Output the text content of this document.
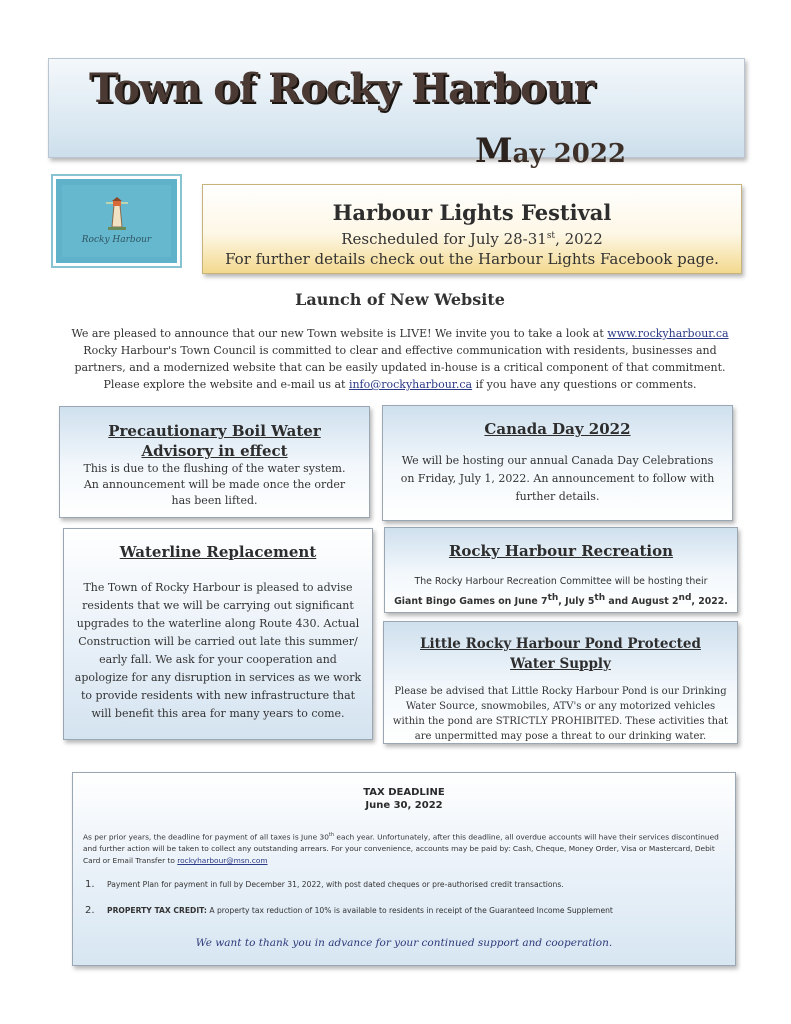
Town of Rocky Harbour
May 2022
Rocky Harbour
Harbour Lights Festival
Rescheduled for July 28-31st, 2022
For further details check out the Harbour Lights Facebook page.
Launch of New Website
We are pleased to announce that our new Town website is LIVE! We invite you to take a look at www.rockyharbour.ca Rocky Harbour's Town Council is committed to clear and effective communication with residents, businesses and partners, and a modernized website that can be easily updated in-house is a critical component of that commitment. Please explore the website and e-mail us at info@rockyharbour.ca if you have any questions or comments.
Precautionary Boil Water Advisory in effect
This is due to the flushing of the water system. An announcement will be made once the order has been lifted.
Canada Day 2022
We will be hosting our annual Canada Day Celebrations on Friday, July 1, 2022. An announcement to follow with further details.
Waterline Replacement
The Town of Rocky Harbour is pleased to advise residents that we will be carrying out significant upgrades to the waterline along Route 430. Actual Construction will be carried out late this summer/ early fall. We ask for your cooperation and apologize for any disruption in services as we work to provide residents with new infrastructure that will benefit this area for many years to come.
Rocky Harbour Recreation
The Rocky Harbour Recreation Committee will be hosting their
Giant Bingo Games on June 7th, July 5th and August 2nd, 2022.
Little Rocky Harbour Pond Protected Water Supply
Please be advised that Little Rocky Harbour Pond is our Drinking Water Source, snowmobiles, ATV's or any motorized vehicles within the pond are STRICTLY PROHIBITED. These activities that are unpermitted may pose a threat to our drinking water.
TAX DEADLINE
June 30, 2022
As per prior years, the deadline for payment of all taxes is June 30th each year. Unfortunately, after this deadline, all overdue accounts will have their services discontinued and further action will be taken to collect any outstanding arrears. For your convenience, accounts may be paid by: Cash, Cheque, Money Order, Visa or Mastercard, Debit Card or Email Transfer to rockyharbour@msn.com
1. Payment Plan for payment in full by December 31, 2022, with post dated cheques or pre-authorised credit transactions.
2. PROPERTY TAX CREDIT: A property tax reduction of 10% is available to residents in receipt of the Guaranteed Income Supplement
We want to thank you in advance for your continued support and cooperation.
